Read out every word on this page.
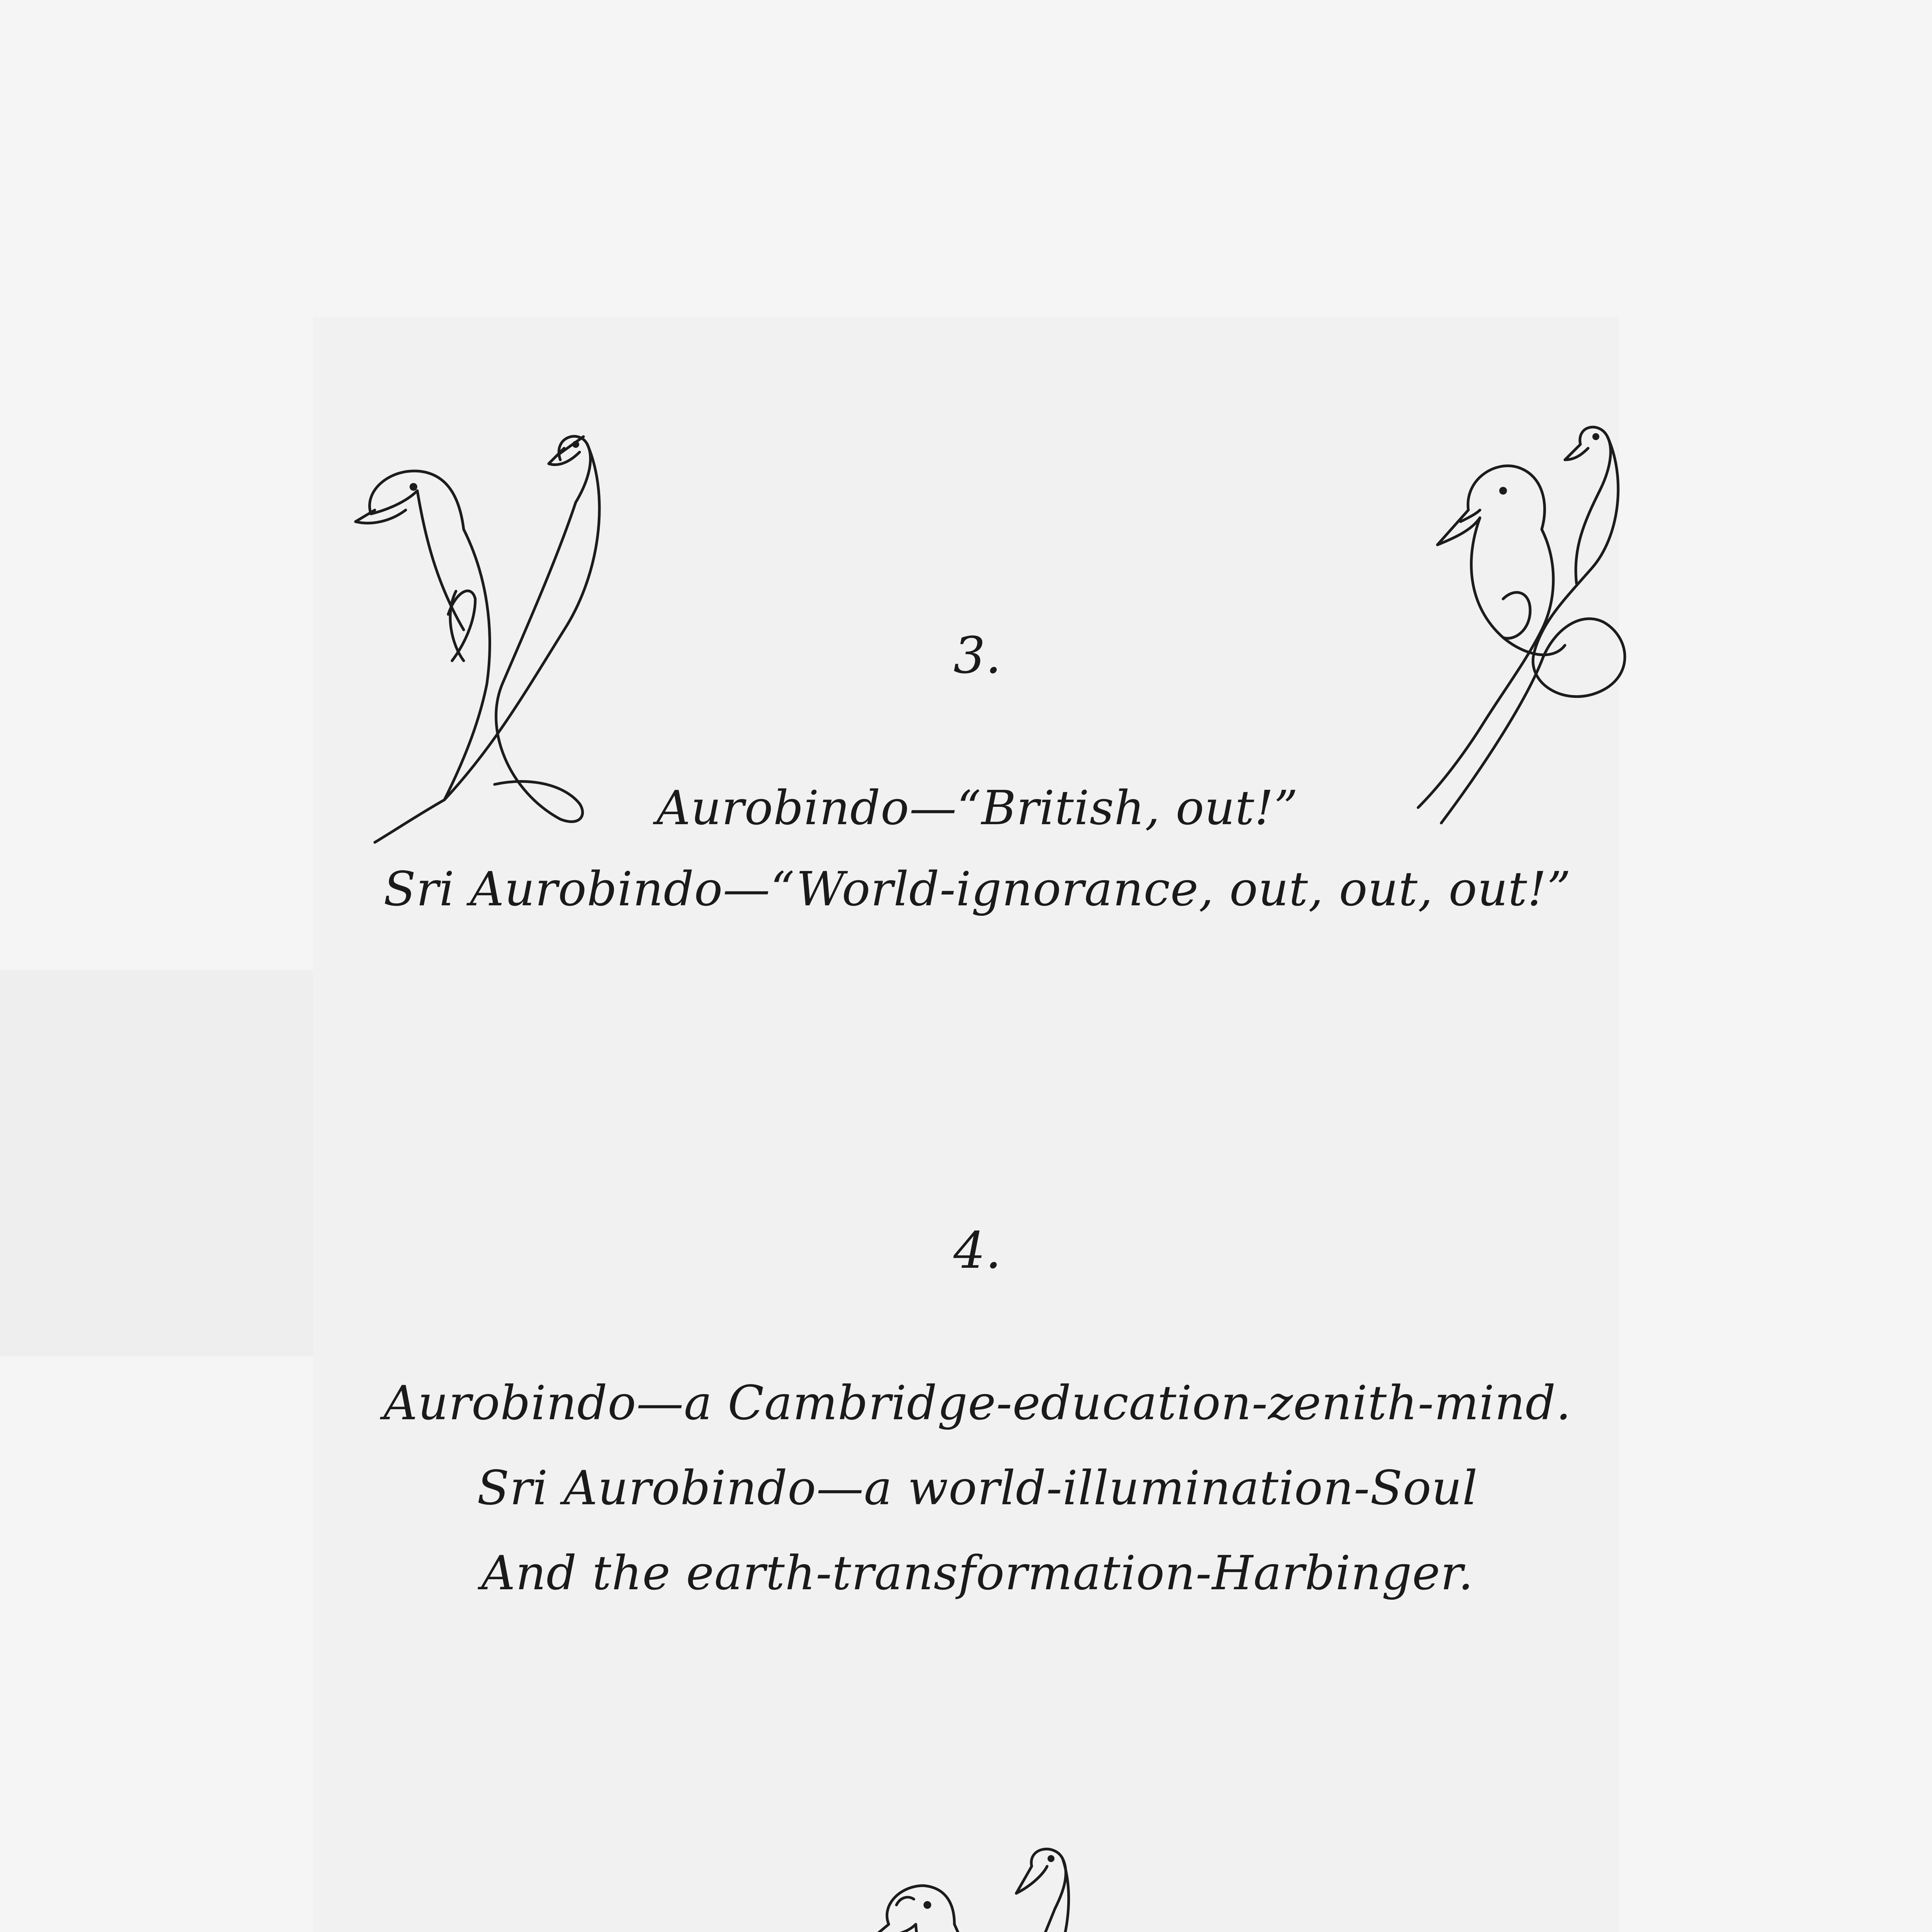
3.
Aurobindo—“British, out!”
Sri Aurobindo—“World-ignorance, out, out, out!”
4.
Aurobindo—a Cambridge-education-zenith-mind.
Sri Aurobindo—a world-illumination-Soul
And the earth-transformation-Harbinger.
